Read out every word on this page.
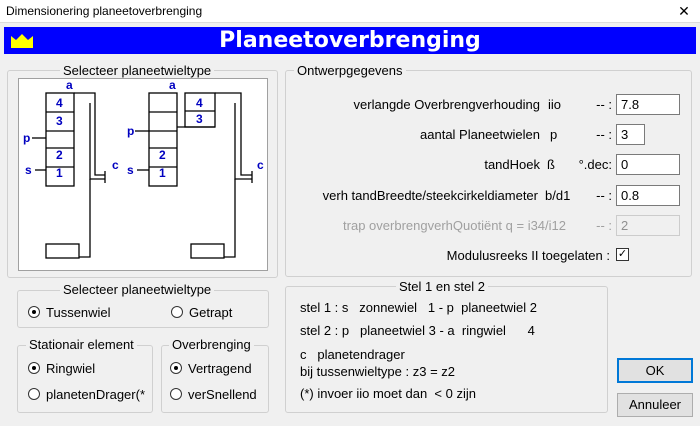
Dimensionering planeetoverbrenging	✕
Planeetoverbrenging
Selecteer planeetwieltype
a
4
3
p
2
s 1
c
a
4
3
p
2
s 1
c
Selecteer planeetwieltype
Tussenwiel	Getrapt
Stationair element
Ringwiel
planetenDrager(*
Overbrenging
Vertragend
verSnellend
Ontwerpgegevens
verlangde Overbrengverhouding iio	-- : 7.8
aantal Planeetwielen p	-- : 3
tandHoek ß	°.dec: 0
verh tandBreedte/steekcirkeldiameter b/d1	-- : 0.8
trap overbrengverhQuotiënt q = i34/i12	-- : 2
Modulusreeks II toegelaten : ✓
Stel 1 en stel 2
stel 1 : s   zonnewiel   1 - p  planeetwiel 2
stel 2 : p   planeetwiel 3 - a  ringwiel      4
c   planetendrager
bij tussenwieltype : z3 = z2
(*) invoer iio moet dan  < 0 zijn
OK
Annuleer
